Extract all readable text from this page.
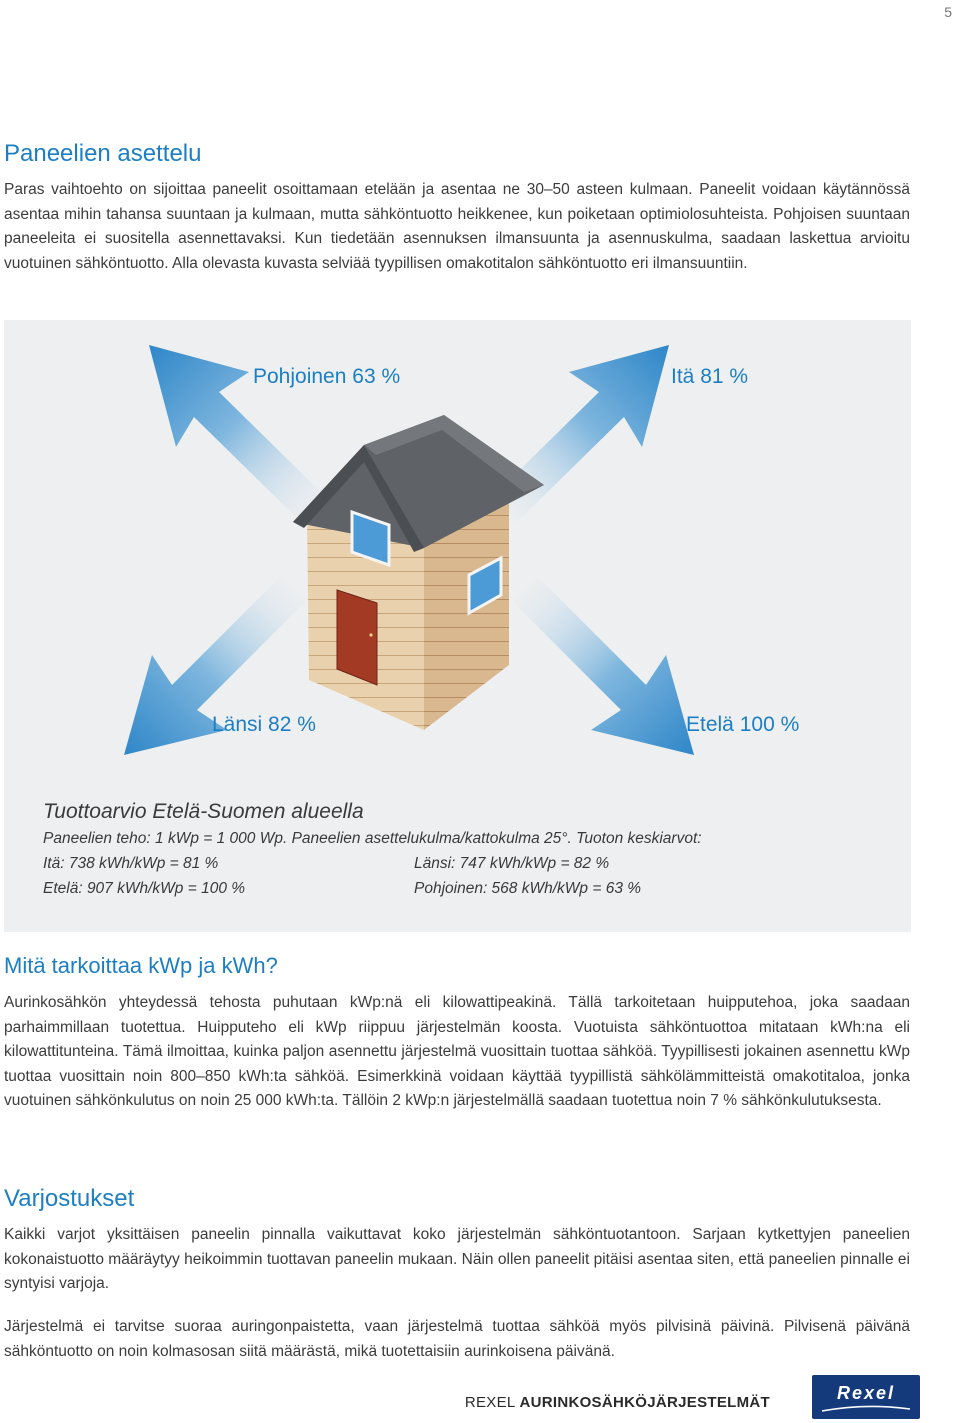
5
Paneelien asettelu

Paras vaihtoehto on sijoittaa paneelit osoittamaan etelään ja asentaa ne 30–50 asteen kulmaan. Paneelit voidaan käytännössä asentaa mihin tahansa suuntaan ja kulmaan, mutta sähköntuotto heikkenee, kun poiketaan optimiolosuhteista. Pohjoisen suuntaan paneeleita ei suositella asennettavaksi. Kun tiedetään asennuksen ilmansuunta ja asennuskulma, saadaan laskettua arvioitu vuotuinen sähköntuotto. Alla olevasta kuvasta selviää tyypillisen omakotitalon sähköntuotto eri ilmansuuntiin.

Pohjoinen 63 %	Itä 81 %
Länsi 82 %	Etelä 100 %
Tuottoarvio Etelä-Suomen alueella
Paneelien teho: 1 kWp = 1 000 Wp. Paneelien asettelukulma/kattokulma 25°. Tuoton keskiarvot:
Itä: 738 kWh/kWp = 81 %	Länsi: 747 kWh/kWp = 82 %
Etelä: 907 kWh/kWp = 100 %	Pohjoinen: 568 kWh/kWp = 63 %
Mitä tarkoittaa kWp ja kWh?

Aurinkosähkön yhteydessä tehosta puhutaan kWp:nä eli kilowattipeakinä. Tällä tarkoitetaan huipputehoa, joka saadaan parhaimmillaan tuotettua. Huipputeho eli kWp riippuu järjestelmän koosta. Vuotuista sähköntuottoa mitataan kWh:na eli kilowattitunteina. Tämä ilmoittaa, kuinka paljon asennettu järjestelmä vuosittain tuottaa sähköä. Tyypillisesti jokainen asennettu kWp tuottaa vuosittain noin 800–850 kWh:ta sähköä. Esimerkkinä voidaan käyttää tyypillistä sähkölämmitteistä omakotitaloa, jonka vuotuinen sähkönkulutus on noin 25 000 kWh:ta. Tällöin 2 kWp:n järjestelmällä saadaan tuotettua noin 7 % sähkönkulutuksesta.

Varjostukset

Kaikki varjot yksittäisen paneelin pinnalla vaikuttavat koko järjestelmän sähköntuotantoon. Sarjaan kytkettyjen paneelien kokonaistuotto määräytyy heikoimmin tuottavan paneelin mukaan. Näin ollen paneelit pitäisi asentaa siten, että paneelien pinnalle ei syntyisi varjoja.

Järjestelmä ei tarvitse suoraa auringonpaistetta, vaan järjestelmä tuottaa sähköä myös pilvisinä päivinä. Pilvisenä päivänä sähköntuotto on noin kolmasosan siitä määrästä, mikä tuotettaisiin aurinkoisena päivänä.

REXEL AURINKOSÄHKÖJÄRJESTELMÄT	Rexel
